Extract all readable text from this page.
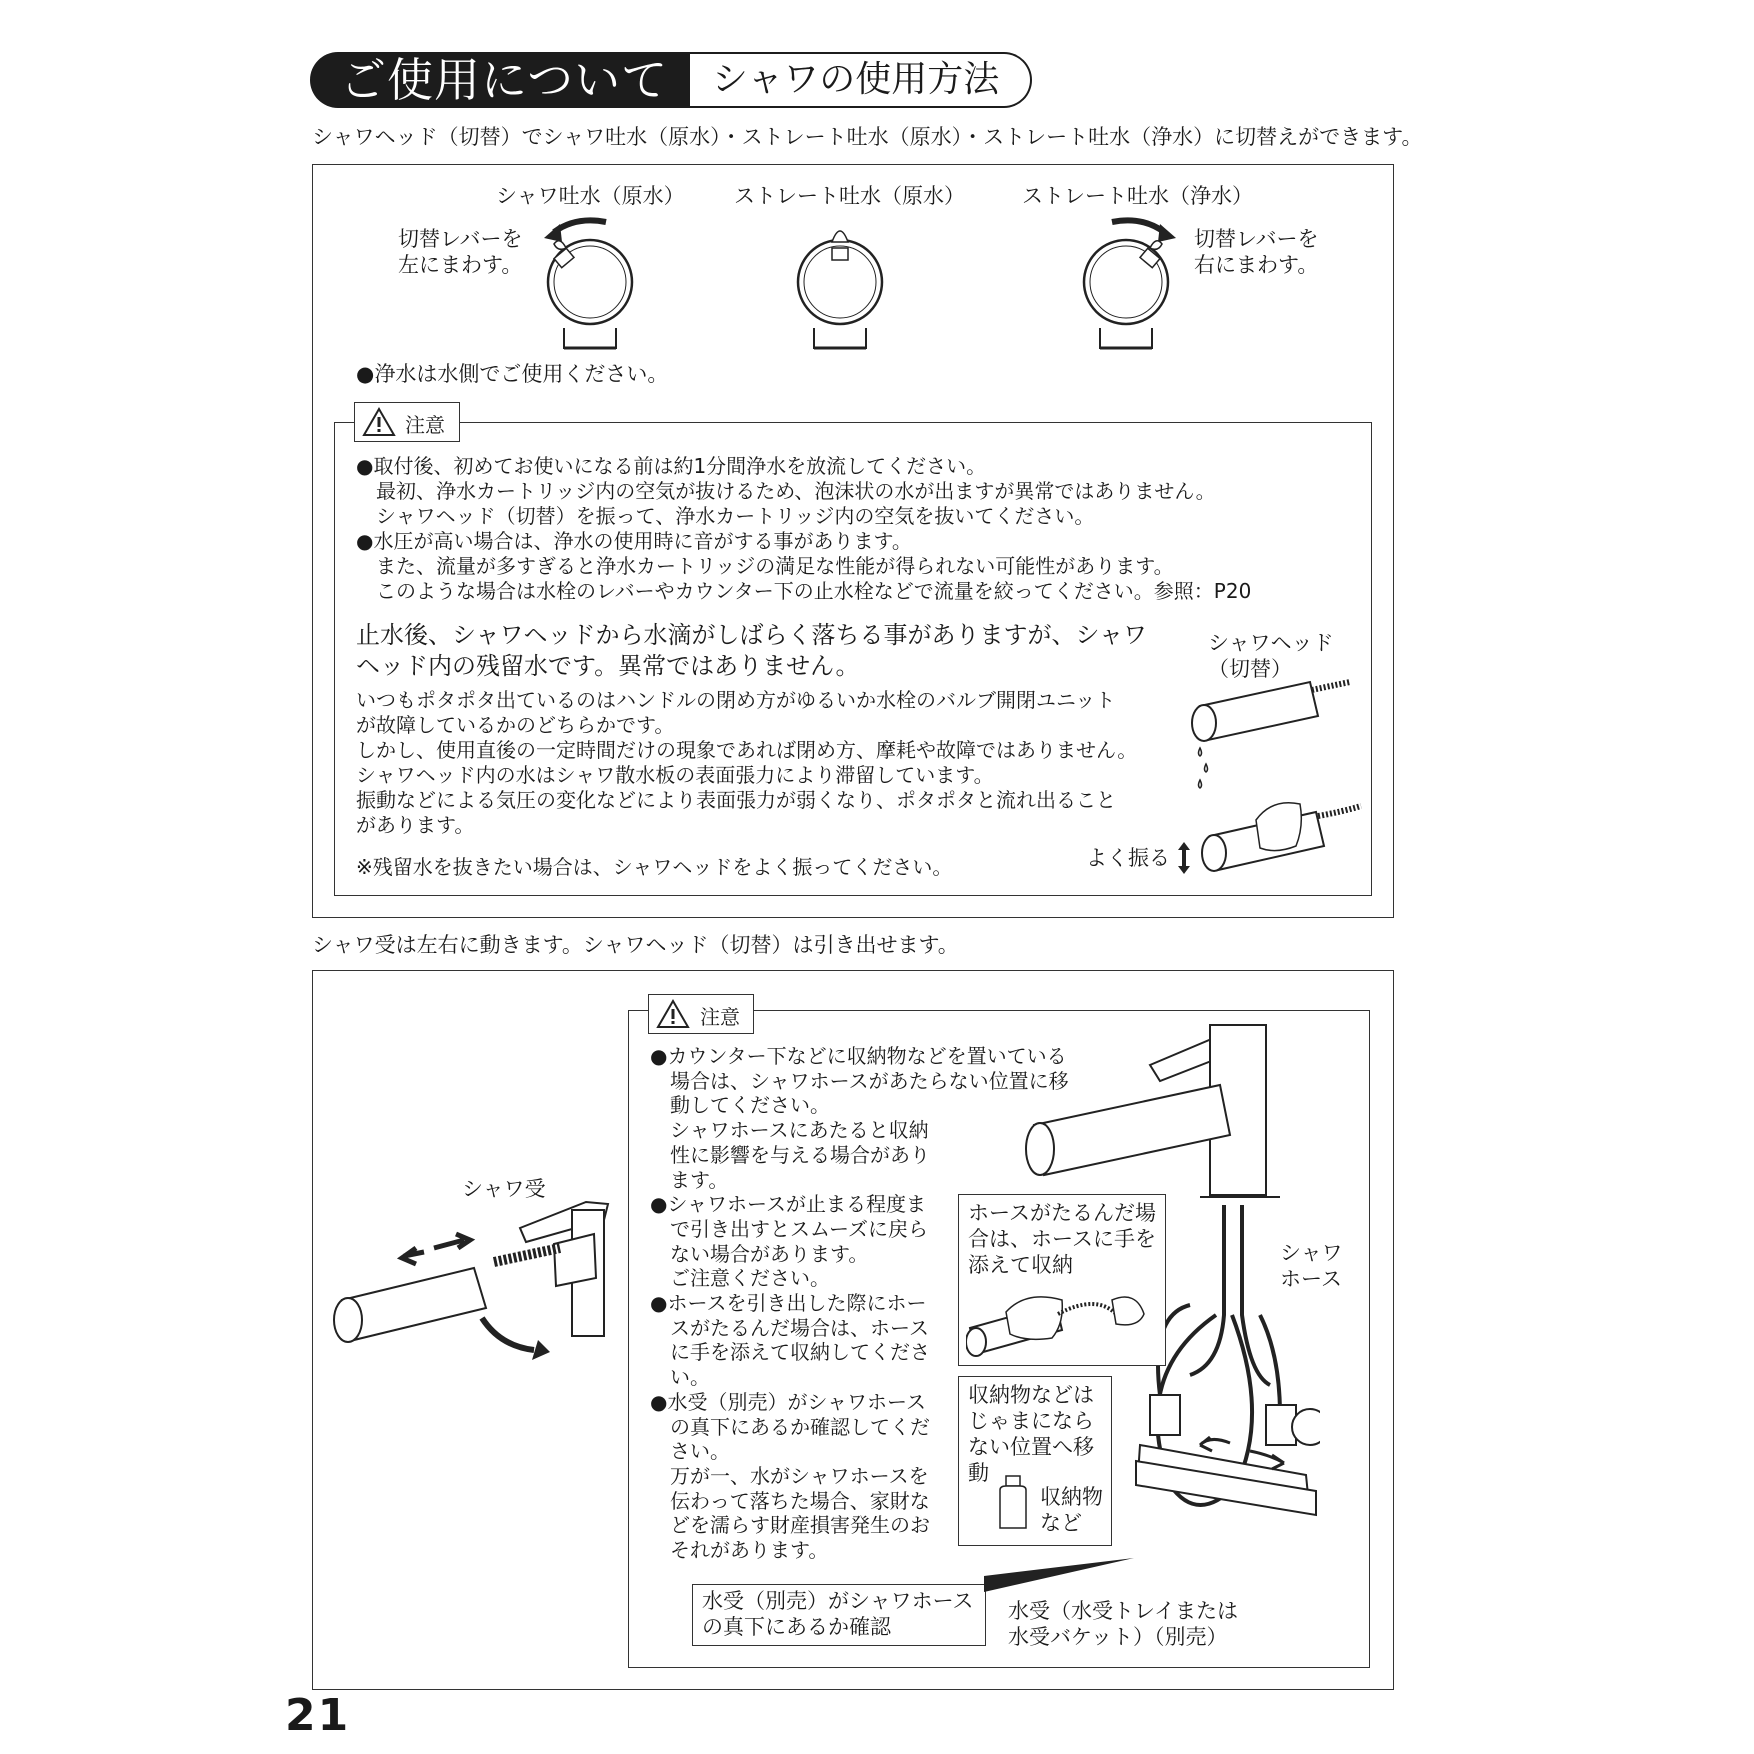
ご使用について シャワの使用方法
シャワヘッド（切替）でシャワ吐水（原水）・ストレート吐水（原水）・ストレート吐水（浄水）に切替えができます。
シャワ吐水（原水） ストレート吐水（原水）	ストレート吐水（浄水）
切替レバーを
左にまわす。
切替レバーを
右にまわす。
●浄水は水側でご使用ください。
注意
●取付後、初めてお使いになる前は約1分間浄水を放流してください。
　最初、浄水カートリッジ内の空気が抜けるため、泡沫状の水が出ますが異常ではありません。
　シャワヘッド（切替）を振って、浄水カートリッジ内の空気を抜いてください。
●水圧が高い場合は、浄水の使用時に音がする事があります。
　また、流量が多すぎると浄水カートリッジの満足な性能が得られない可能性があります。
　このような場合は水栓のレバーやカウンター下の止水栓などで流量を絞ってください。参照：P20
止水後、シャワヘッドから水滴がしばらく落ちる事がありますが、シャワ
ヘッド内の残留水です。異常ではありません。
いつもポタポタ出ているのはハンドルの閉め方がゆるいか水栓のバルブ開閉ユニット
が故障しているかのどちらかです。
しかし、使用直後の一定時間だけの現象であれば閉め方、摩耗や故障ではありません。
シャワヘッド内の水はシャワ散水板の表面張力により滞留しています。
振動などによる気圧の変化などにより表面張力が弱くなり、ポタポタと流れ出ること
があります。
※残留水を抜きたい場合は、シャワヘッドをよく振ってください。
シャワヘッド
（切替）
よく振る
シャワ受は左右に動きます。シャワヘッド（切替）は引き出せます。
シャワ受
注意
●カウンター下などに収納物などを置いている
　場合は、シャワホースがあたらない位置に移
　動してください。
　シャワホースにあたると収納
　性に影響を与える場合があり
　ます。
●シャワホースが止まる程度ま
　で引き出すとスムーズに戻ら
　ない場合があります。
　ご注意ください。
●ホースを引き出した際にホー
　スがたるんだ場合は、ホース
　に手を添えて収納してくださ
　い。
●水受（別売）がシャワホース
　の真下にあるか確認してくだ
　さい。
　万が一、水がシャワホースを
　伝わって落ちた場合、家財な
　どを濡らす財産損害発生のお
　それがあります。
シャワ
ホース
ホースがたるんだ場
合は、ホースに手を
添えて収納
収納物などは
じゃまになら
ない位置へ移
動
収納物
など
水受（別売）がシャワホース
の真下にあるか確認
水受（水受トレイまたは
水受バケット）（別売）
21
